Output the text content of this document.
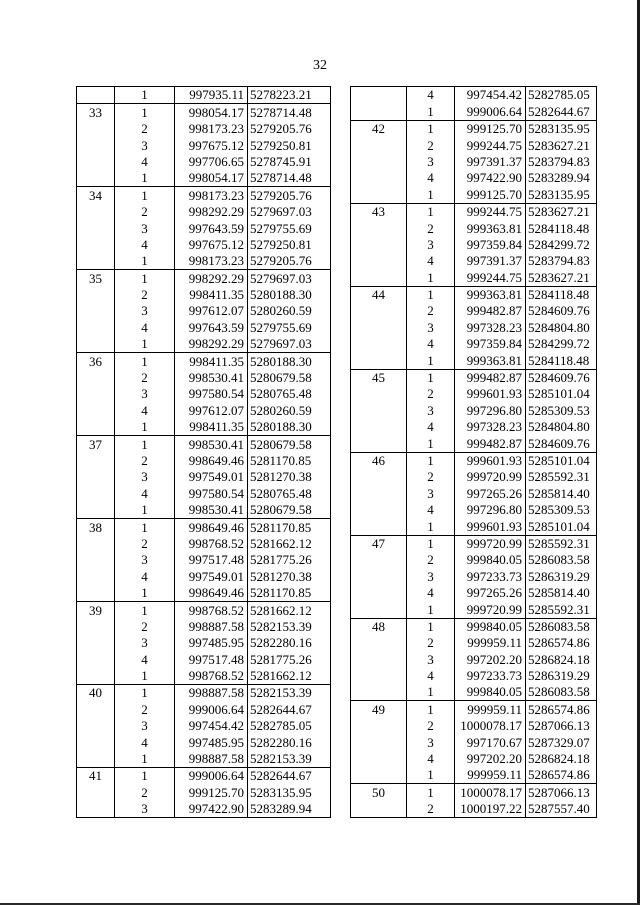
32
	1	997935.11	5278223.21
33	1	998054.17	5278714.48
	2	998173.23	5279205.76
	3	997675.12	5279250.81
	4	997706.65	5278745.91
	1	998054.17	5278714.48
34	1	998173.23	5279205.76
	2	998292.29	5279697.03
	3	997643.59	5279755.69
	4	997675.12	5279250.81
	1	998173.23	5279205.76
35	1	998292.29	5279697.03
	2	998411.35	5280188.30
	3	997612.07	5280260.59
	4	997643.59	5279755.69
	1	998292.29	5279697.03
36	1	998411.35	5280188.30
	2	998530.41	5280679.58
	3	997580.54	5280765.48
	4	997612.07	5280260.59
	1	998411.35	5280188.30
37	1	998530.41	5280679.58
	2	998649.46	5281170.85
	3	997549.01	5281270.38
	4	997580.54	5280765.48
	1	998530.41	5280679.58
38	1	998649.46	5281170.85
	2	998768.52	5281662.12
	3	997517.48	5281775.26
	4	997549.01	5281270.38
	1	998649.46	5281170.85
39	1	998768.52	5281662.12
	2	998887.58	5282153.39
	3	997485.95	5282280.16
	4	997517.48	5281775.26
	1	998768.52	5281662.12
40	1	998887.58	5282153.39
	2	999006.64	5282644.67
	3	997454.42	5282785.05
	4	997485.95	5282280.16
	1	998887.58	5282153.39
41	1	999006.64	5282644.67
	2	999125.70	5283135.95
	3	997422.90	5283289.94
	4	997454.42	5282785.05
	1	999006.64	5282644.67
42	1	999125.70	5283135.95
	2	999244.75	5283627.21
	3	997391.37	5283794.83
	4	997422.90	5283289.94
	1	999125.70	5283135.95
43	1	999244.75	5283627.21
	2	999363.81	5284118.48
	3	997359.84	5284299.72
	4	997391.37	5283794.83
	1	999244.75	5283627.21
44	1	999363.81	5284118.48
	2	999482.87	5284609.76
	3	997328.23	5284804.80
	4	997359.84	5284299.72
	1	999363.81	5284118.48
45	1	999482.87	5284609.76
	2	999601.93	5285101.04
	3	997296.80	5285309.53
	4	997328.23	5284804.80
	1	999482.87	5284609.76
46	1	999601.93	5285101.04
	2	999720.99	5285592.31
	3	997265.26	5285814.40
	4	997296.80	5285309.53
	1	999601.93	5285101.04
47	1	999720.99	5285592.31
	2	999840.05	5286083.58
	3	997233.73	5286319.29
	4	997265.26	5285814.40
	1	999720.99	5285592.31
48	1	999840.05	5286083.58
	2	999959.11	5286574.86
	3	997202.20	5286824.18
	4	997233.73	5286319.29
	1	999840.05	5286083.58
49	1	999959.11	5286574.86
	2	1000078.17	5287066.13
	3	997170.67	5287329.07
	4	997202.20	5286824.18
	1	999959.11	5286574.86
50	1	1000078.17	5287066.13
	2	1000197.22	5287557.40
